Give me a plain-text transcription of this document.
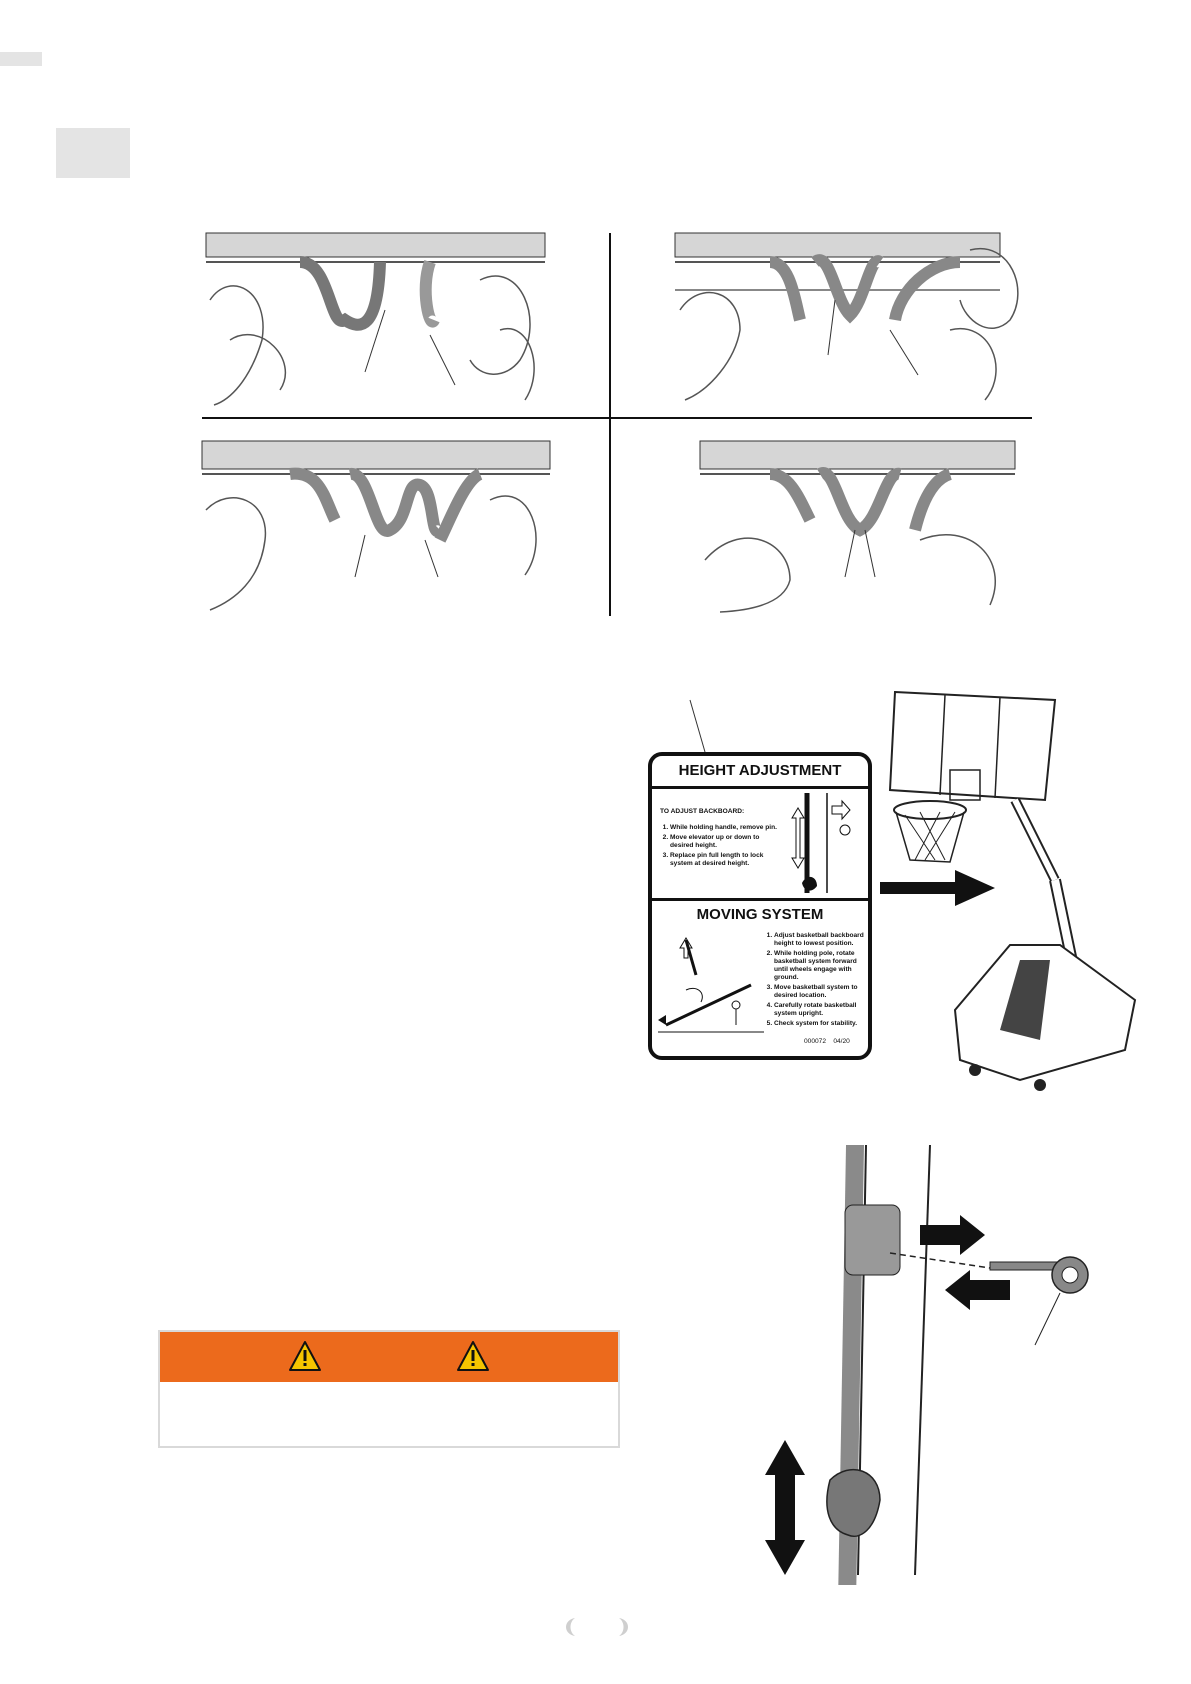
HEIGHT ADJUSTMENT
TO ADJUST BACKBOARD:
1. While holding handle, remove pin.
2. Move elevator up or down to desired height.
3. Replace pin full length to lock system at desired height.
MOVING SYSTEM
1. Adjust basketball backboard height to lowest position.
2. While holding pole, rotate basketball system forward until wheels engage with ground.
3. Move basketball system to desired location.
4. Carefully rotate basketball system upright.
5. Check system for stability.
000072 04/20
